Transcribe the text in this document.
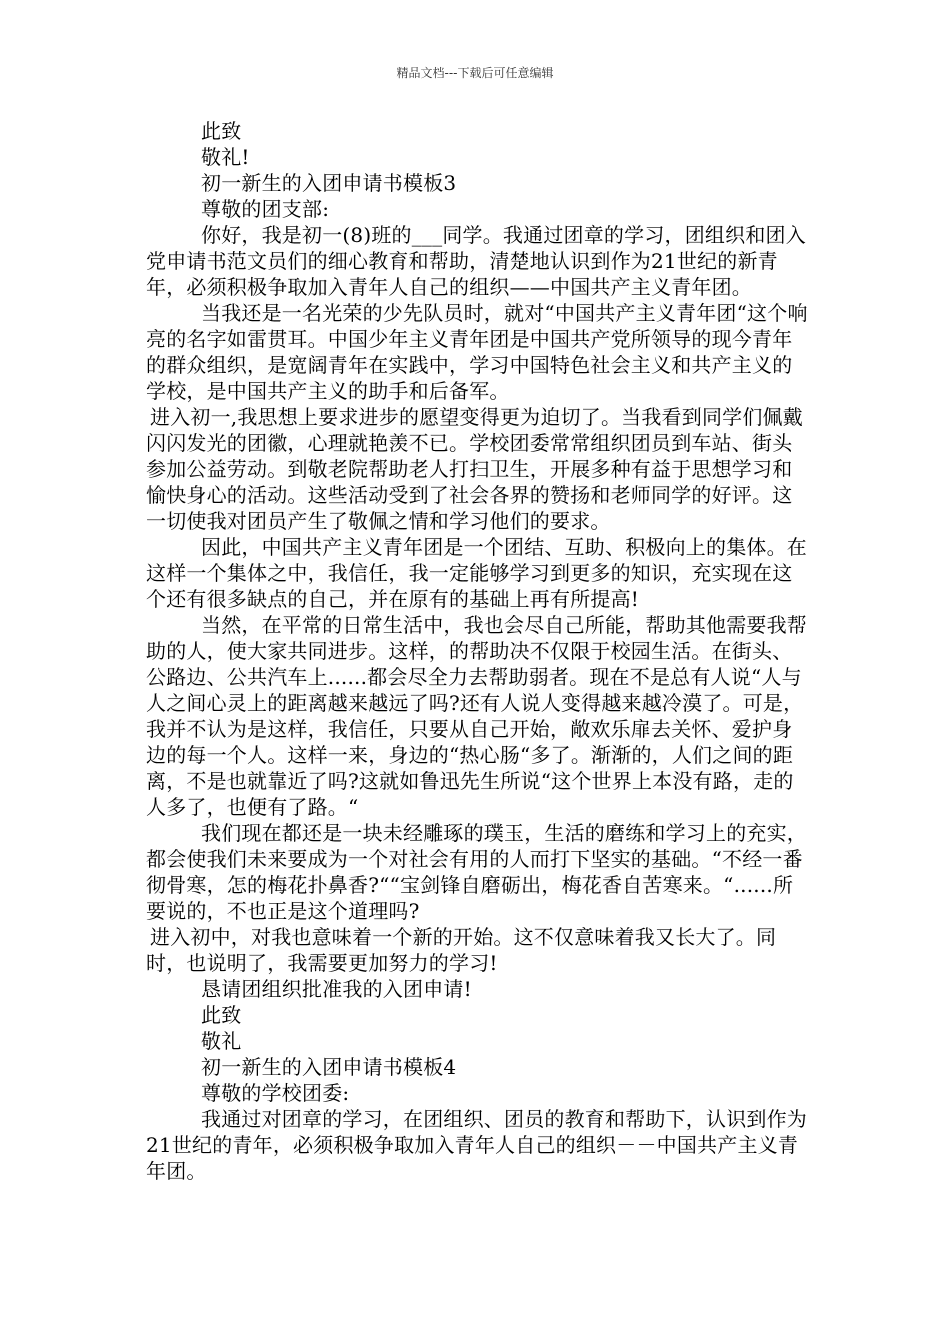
精品文档---下载后可任意编辑

此致

敬礼!

初一新生的入团申请书模板3

尊敬的团支部:

你好，我是初一(8)班的___同学。我通过团章的学习，团组织和团入党申请书范文员们的细心教育和帮助，清楚地认识到作为21世纪的新青年，必须积极争取加入青年人自己的组织——中国共产主义青年团。

当我还是一名光荣的少先队员时，就对“中国共产主义青年团“这个响亮的名字如雷贯耳。中国少年主义青年团是中国共产党所领导的现今青年的群众组织，是宽阔青年在实践中，学习中国特色社会主义和共产主义的学校，是中国共产主义的助手和后备军。

进入初一,我思想上要求进步的愿望变得更为迫切了。当我看到同学们佩戴闪闪发光的团徽，心理就艳羡不已。学校团委常常组织团员到车站、街头参加公益劳动。到敬老院帮助老人打扫卫生，开展多种有益于思想学习和愉快身心的活动。这些活动受到了社会各界的赞扬和老师同学的好评。这一切使我对团员产生了敬佩之情和学习他们的要求。

因此，中国共产主义青年团是一个团结、互助、积极向上的集体。在这样一个集体之中，我信任，我一定能够学习到更多的知识，充实现在这个还有很多缺点的自己，并在原有的基础上再有所提高!

当然，在平常的日常生活中，我也会尽自己所能，帮助其他需要我帮助的人，使大家共同进步。这样，的帮助决不仅限于校园生活。在街头、公路边、公共汽车上......都会尽全力去帮助弱者。现在不是总有人说“人与人之间心灵上的距离越来越远了吗?还有人说人变得越来越冷漠了。可是，我并不认为是这样，我信任，只要从自己开始，敞欢乐扉去关怀、爱护身边的每一个人。这样一来，身边的“热心肠“多了。渐渐的，人们之间的距离，不是也就靠近了吗?这就如鲁迅先生所说“这个世界上本没有路，走的人多了，也便有了路。“

我们现在都还是一块未经雕琢的璞玉，生活的磨练和学习上的充实，都会使我们未来要成为一个对社会有用的人而打下坚实的基础。“不经一番彻骨寒，怎的梅花扑鼻香?““宝剑锋自磨砺出，梅花香自苦寒来。“......所要说的，不也正是这个道理吗?

进入初中，对我也意味着一个新的开始。这不仅意味着我又长大了。同时，也说明了，我需要更加努力的学习!

恳请团组织批准我的入团申请!

此致

敬礼

初一新生的入团申请书模板4

尊敬的学校团委:

我通过对团章的学习，在团组织、团员的教育和帮助下，认识到作为21世纪的青年，必须积极争取加入青年人自己的组织－－中国共产主义青年团。
